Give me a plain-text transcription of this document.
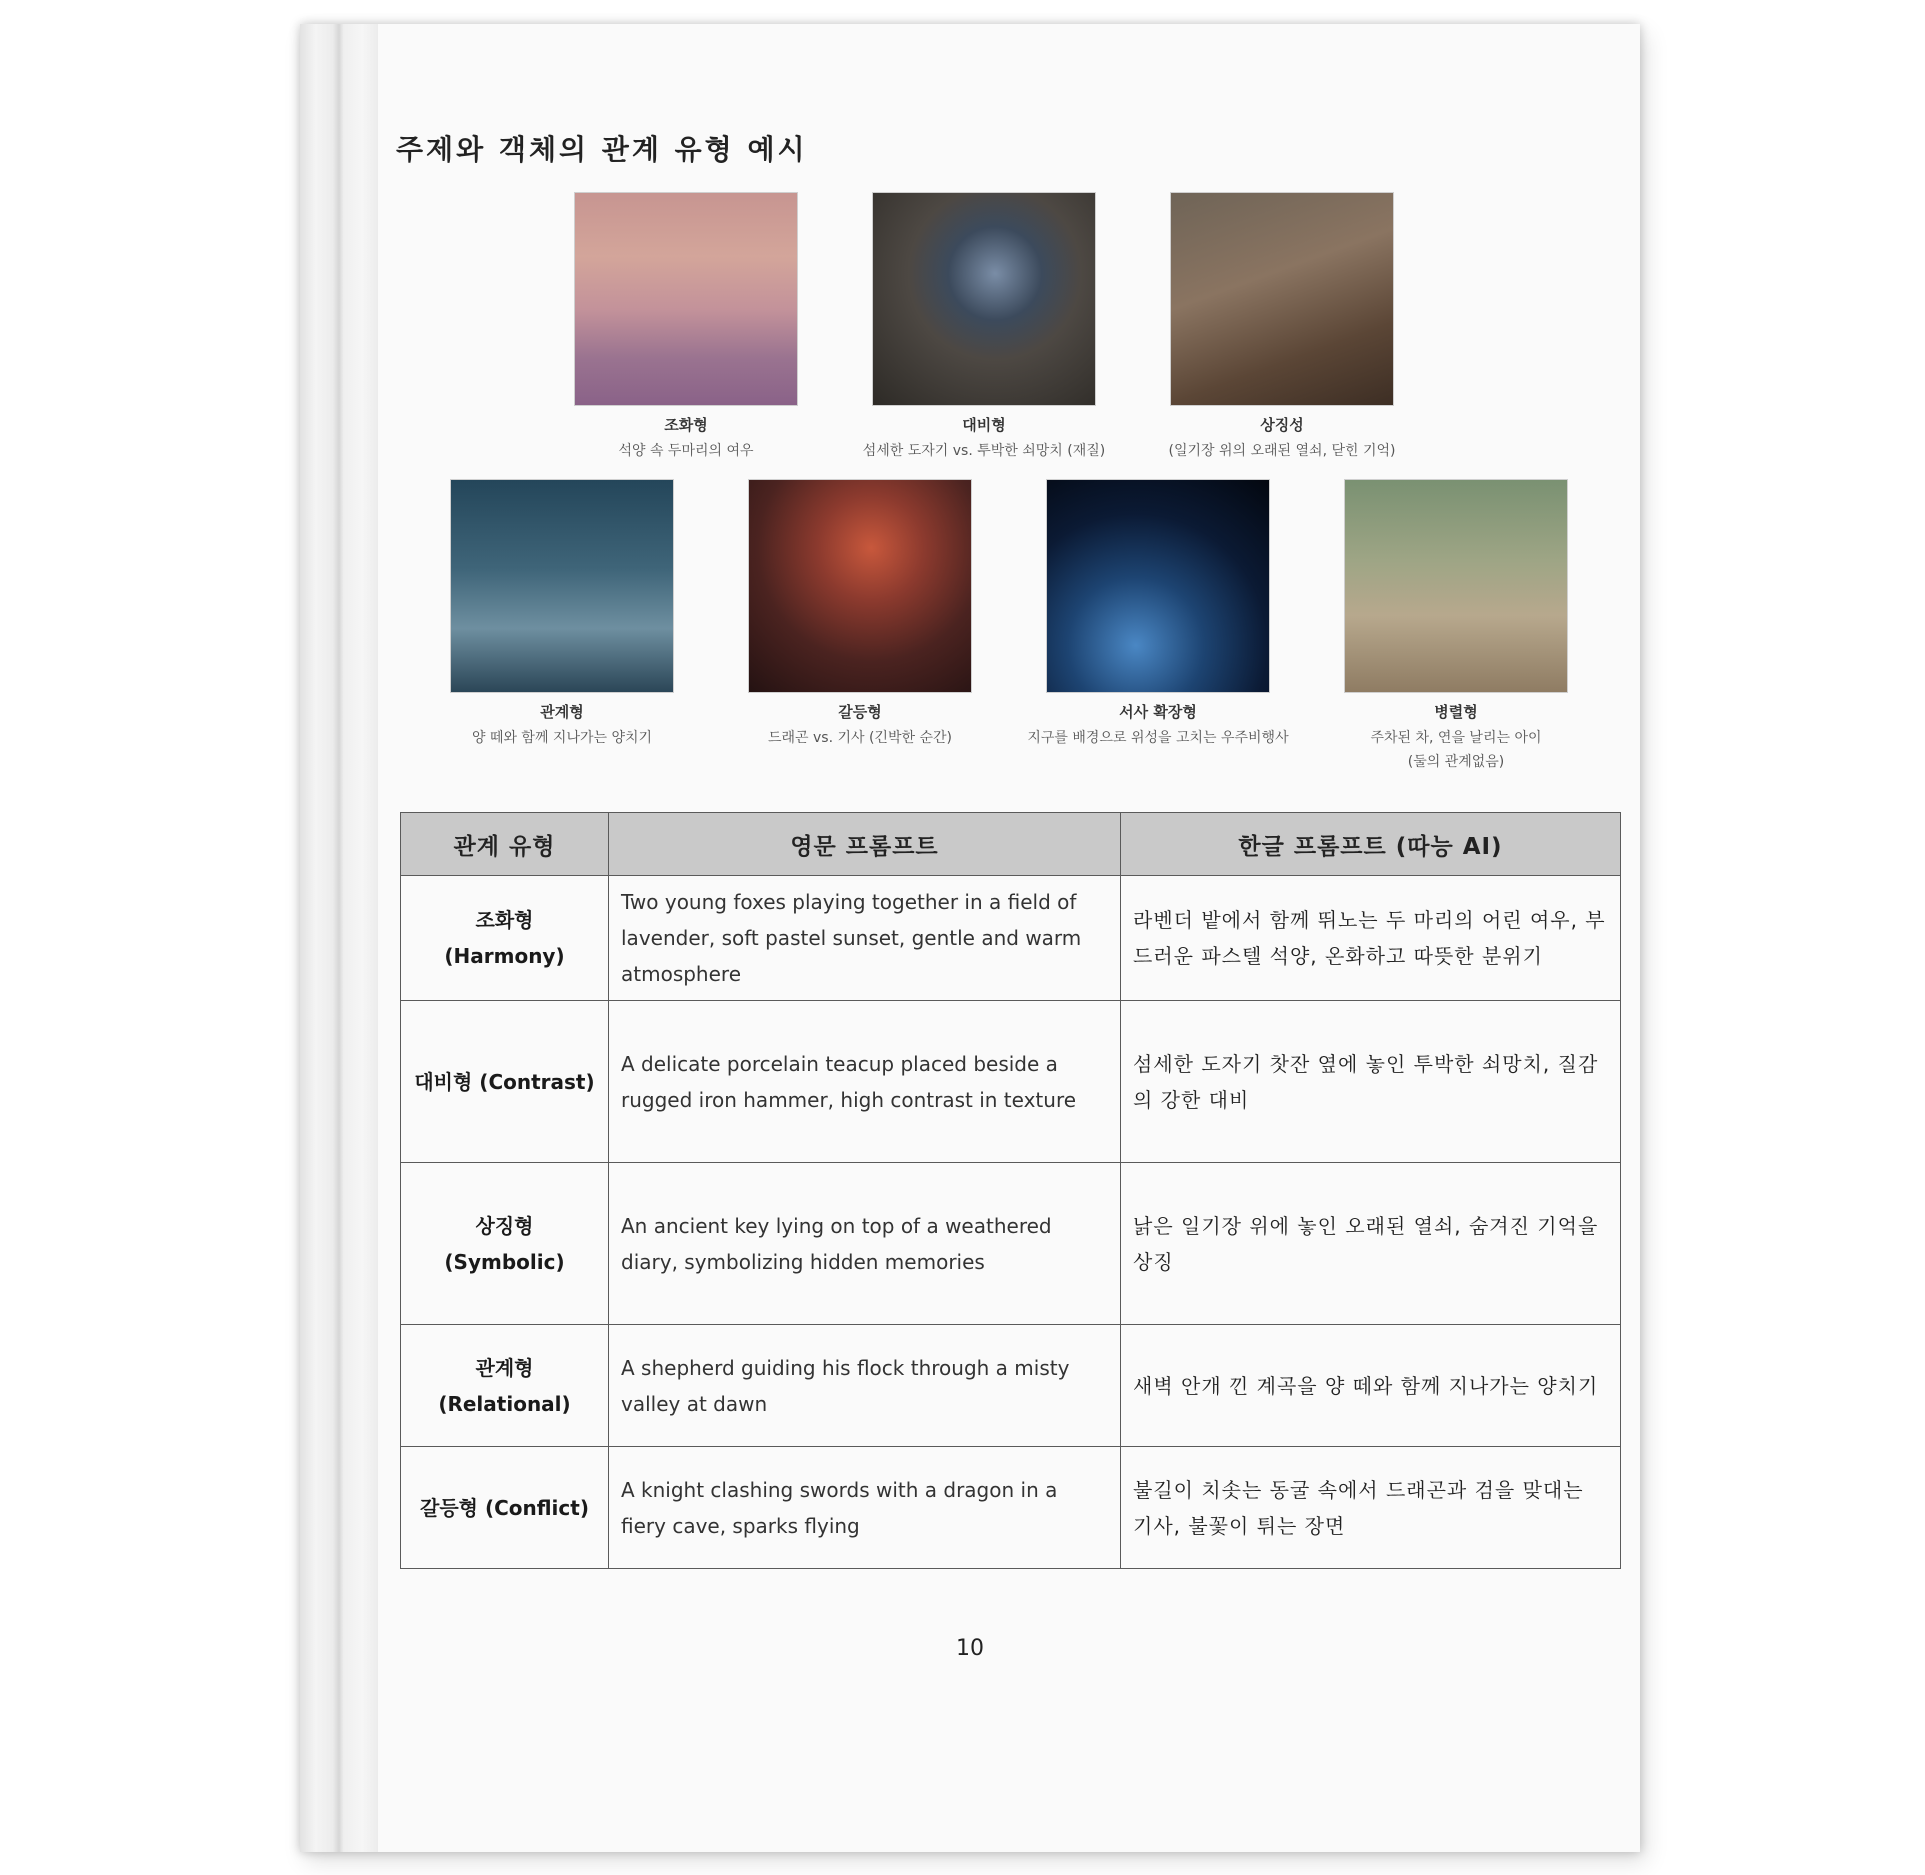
주제와 객체의 관계 유형 예시
조화형
석양 속 두마리의 여우
대비형
섬세한 도자기 vs. 투박한 쇠망치 (재질)
상징성
(일기장 위의 오래된 열쇠, 닫힌 기억)
관계형
양 떼와 함께 지나가는 양치기
갈등형
드래곤 vs. 기사 (긴박한 순간)
서사 확장형
지구를 배경으로 위성을 고치는 우주비행사
병렬형
주차된 차, 연을 날리는 아이
(둘의 관계없음)
관계 유형	영문 프롬프트	한글 프롬프트 (따능 AI)

조화형
(Harmony)	Two young foxes playing together in a field of lavender, soft pastel sunset, gentle and warm atmosphere	라벤더 밭에서 함께 뛰노는 두 마리의 어린 여우, 부드러운 파스텔 석양, 온화하고 따뜻한 분위기
대비형 (Contrast)	A delicate porcelain teacup placed beside a rugged iron hammer, high contrast in texture	섬세한 도자기 찻잔 옆에 놓인 투박한 쇠망치, 질감의 강한 대비

상징형
(Symbolic)	An ancient key lying on top of a weathered diary, symbolizing hidden memories	낡은 일기장 위에 놓인 오래된 열쇠, 숨겨진 기억을 상징

관계형
(Relational)	A shepherd guiding his flock through a misty valley at dawn	새벽 안개 낀 계곡을 양 떼와 함께 지나가는 양치기
갈등형 (Conflict)	A knight clashing swords with a dragon in a fiery cave, sparks flying	불길이 치솟는 동굴 속에서 드래곤과 검을 맞대는 기사, 불꽃이 튀는 장면
10
